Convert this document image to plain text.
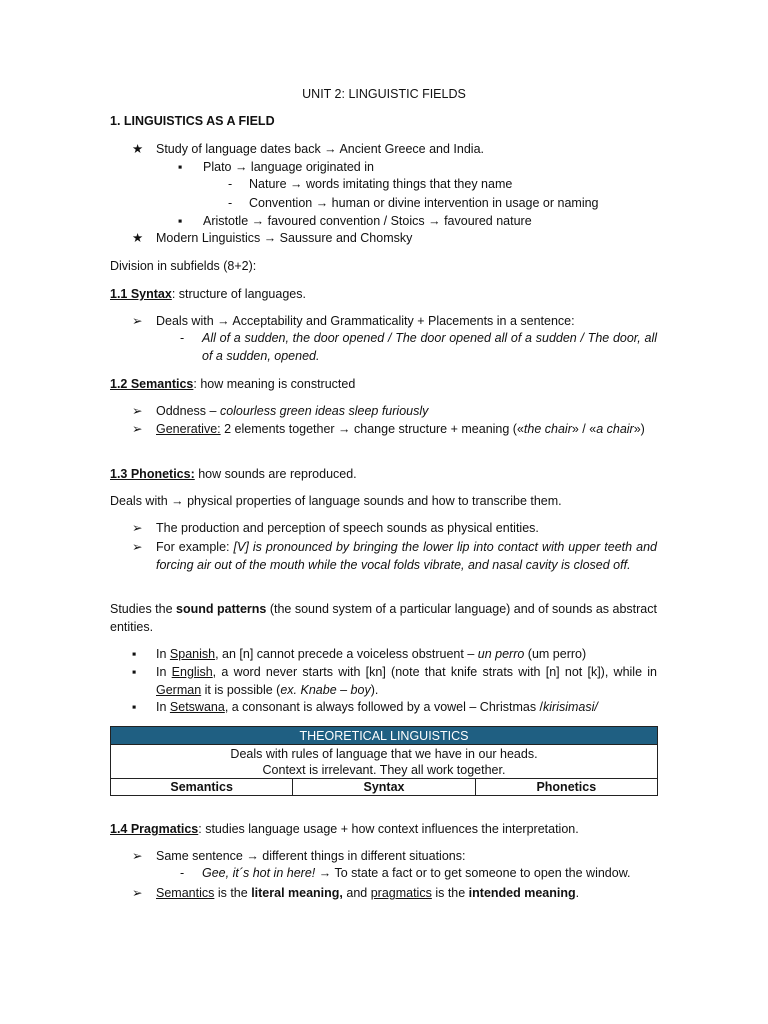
UNIT 2: LINGUISTIC FIELDS
1. LINGUISTICS AS A FIELD
★ Study of language dates back → Ancient Greece and India.
▪ Plato → language originated in
- Nature → words imitating things that they name
- Convention → human or divine intervention in usage or naming
▪ Aristotle → favoured convention / Stoics → favoured nature
★ Modern Linguistics → Saussure and Chomsky
Division in subfields (8+2):
1.1 Syntax: structure of languages.
➢ Deals with → Acceptability and Grammaticality + Placements in a sentence:
- All of a sudden, the door opened / The door opened all of a sudden / The door, all of a sudden, opened.
1.2 Semantics: how meaning is constructed
➢ Oddness – colourless green ideas sleep furiously
➢ Generative: 2 elements together → change structure + meaning («the chair» / «a chair»)
1.3 Phonetics: how sounds are reproduced.
Deals with → physical properties of language sounds and how to transcribe them.
➢ The production and perception of speech sounds as physical entities.
➢ For example: [V] is pronounced by bringing the lower lip into contact with upper teeth and forcing air out of the mouth while the vocal folds vibrate, and nasal cavity is closed off.
Studies the sound patterns (the sound system of a particular language) and of sounds as abstract entities.
▪ In Spanish, an [n] cannot precede a voiceless obstruent – un perro (um perro)
▪ In English, a word never starts with [kn] (note that knife strats with [n] not [k]), while in German it is possible (ex. Knabe – boy).
▪ In Setswana, a consonant is always followed by a vowel – Christmas /kirisimasi/
THEORETICAL LINGUISTICS

Deals with rules of language that we have in our heads.
Context is irrelevant. They all work together.

Semantics	Syntax	Phonetics
1.4 Pragmatics: studies language usage + how context influences the interpretation.
➢ Same sentence → different things in different situations:
- Gee, it´s hot in here! → To state a fact or to get someone to open the window.
➢ Semantics is the literal meaning, and pragmatics is the intended meaning.
